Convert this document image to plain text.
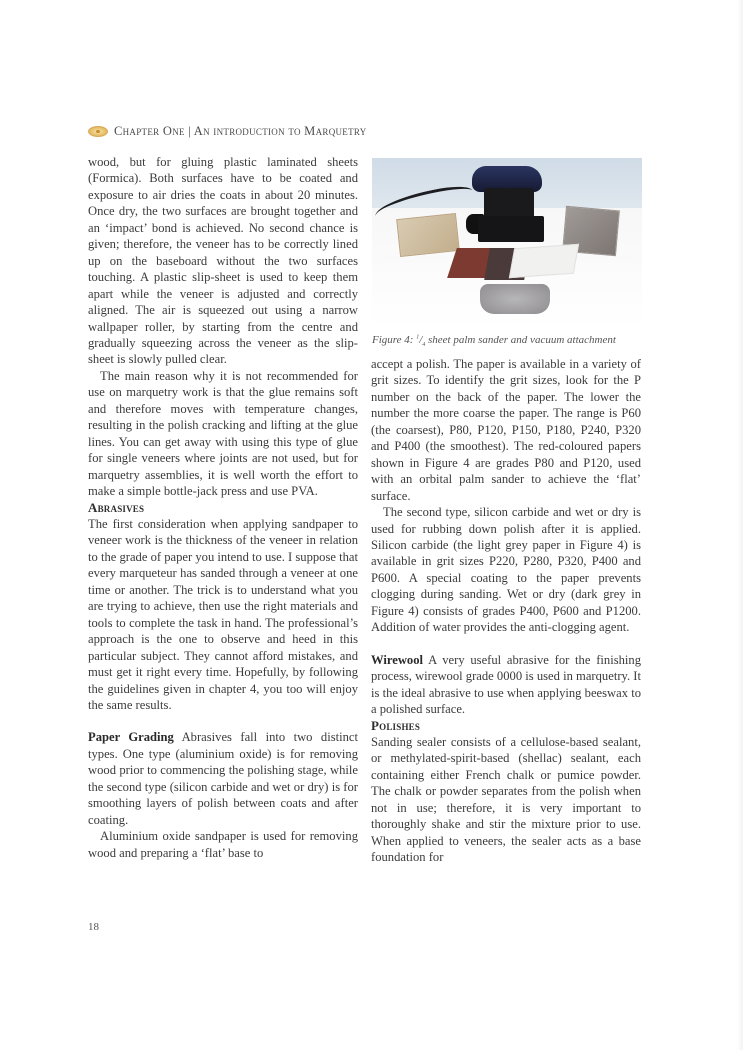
Chapter One | An introduction to Marquetry

wood, but for gluing plastic laminated sheets (Formica). Both surfaces have to be coated and exposure to air dries the coats in about 20 minutes. Once dry, the two surfaces are brought together and an ‘impact’ bond is achieved. No second chance is given; therefore, the veneer has to be correctly lined up on the baseboard without the two surfaces touching. A plastic slip-sheet is used to keep them apart while the veneer is adjusted and correctly aligned. The air is squeezed out using a narrow wallpaper roller, by starting from the centre and gradually squeezing across the veneer as the slip-sheet is slowly pulled clear.

The main reason why it is not recommended for use on marquetry work is that the glue remains soft and therefore moves with temperature changes, resulting in the polish cracking and lifting at the glue lines. You can get away with using this type of glue for single veneers where joints are not used, but for marquetry assemblies, it is well worth the effort to make a simple bottle-jack press and use PVA.

Abrasives

The first consideration when applying sandpaper to veneer work is the thickness of the veneer in relation to the grade of paper you intend to use. I suppose that every marqueteur has sanded through a veneer at one time or another. The trick is to understand what you are trying to achieve, then use the right materials and tools to complete the task in hand. The professional’s approach is the one to observe and heed in this particular subject. They cannot afford mistakes, and must get it right every time. Hopefully, by following the guidelines given in chapter 4, you too will enjoy the same results.

Paper Grading Abrasives fall into two distinct types. One type (aluminium oxide) is for removing wood prior to commencing the polishing stage, while the second type (silicon carbide and wet or dry) is for smoothing layers of polish between coats and after coating.

Aluminium oxide sandpaper is used for removing wood and preparing a ‘flat’ base to

Figure 4: $^1/_4$ sheet palm sander and vacuum attachment

accept a polish. The paper is available in a variety of grit sizes. To identify the grit sizes, look for the P number on the back of the paper. The lower the number the more coarse the paper. The range is P60 (the coarsest), P80, P120, P150, P180, P240, P320 and P400 (the smoothest). The red-coloured papers shown in Figure 4 are grades P80 and P120, used with an orbital palm sander to achieve the ‘flat’ surface.

The second type, silicon carbide and wet or dry is used for rubbing down polish after it is applied. Silicon carbide (the light grey paper in Figure 4) is available in grit sizes P220, P280, P320, P400 and P600. A special coating to the paper prevents clogging during sanding. Wet or dry (dark grey in Figure 4) consists of grades P400, P600 and P1200. Addition of water provides the anti-clogging agent.

Wirewool A very useful abrasive for the finishing process, wirewool grade 0000 is used in marquetry. It is the ideal abrasive to use when applying beeswax to a polished surface.

Polishes

Sanding sealer consists of a cellulose-based sealant, or methylated-spirit-based (shellac) sealant, each containing either French chalk or pumice powder. The chalk or powder separates from the polish when not in use; therefore, it is very important to thoroughly shake and stir the mixture prior to use. When applied to veneers, the sealer acts as a base foundation for

18
